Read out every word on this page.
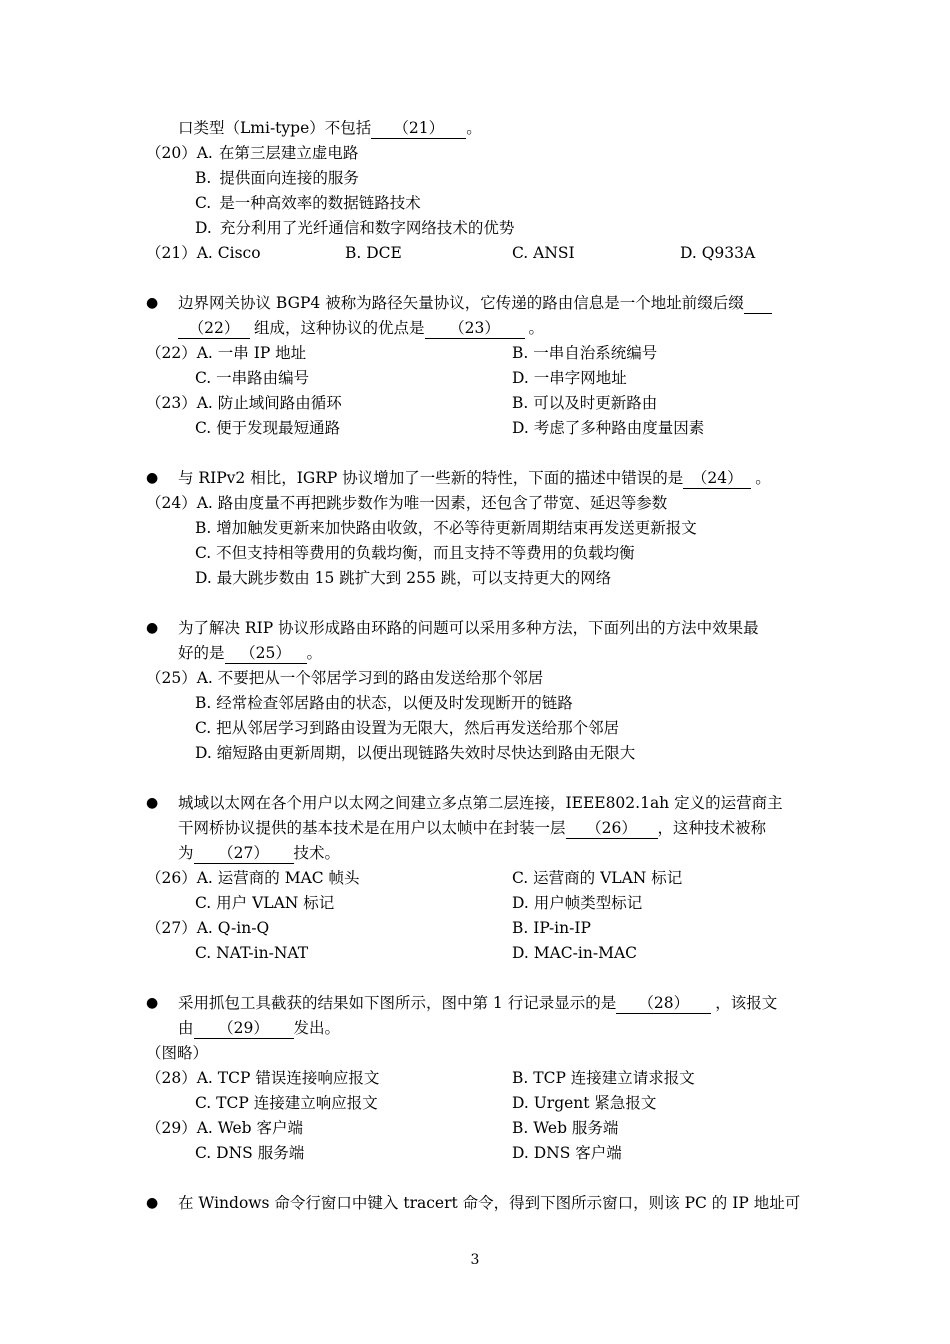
口类型（Lmi-type）不包括 （21） 。
（20）A. 在第三层建立虚电路
B. 提供面向连接的服务
C. 是一种高效率的数据链路技术
D. 充分利用了光纤通信和数字网络技术的优势
（21）A. Cisco	B. DCE	C. ANSI	D. Q933A
● 边界网关协议 BGP4 被称为路径矢量协议，它传递的路由信息是一个地址前缀后缀
（22） 组成，这种协议的优点是 （23） 。
（22）A. 一串 IP 地址	B. 一串自治系统编号
C. 一串路由编号	D. 一串字网地址
（23）A. 防止域间路由循环	B. 可以及时更新路由
C. 便于发现最短通路	D. 考虑了多种路由度量因素
● 与 RIPv2 相比，IGRP 协议增加了一些新的特性，下面的描述中错误的是 （24） 。
（24）A. 路由度量不再把跳步数作为唯一因素，还包含了带宽、延迟等参数
B. 增加触发更新来加快路由收敛，不必等待更新周期结束再发送更新报文
C. 不但支持相等费用的负载均衡，而且支持不等费用的负载均衡
D. 最大跳步数由 15 跳扩大到 255 跳，可以支持更大的网络
● 为了解决 RIP 协议形成路由环路的问题可以采用多种方法，下面列出的方法中效果最
好的是 （25） 。
（25）A. 不要把从一个邻居学习到的路由发送给那个邻居
B. 经常检查邻居路由的状态，以便及时发现断开的链路
C. 把从邻居学习到路由设置为无限大，然后再发送给那个邻居
D. 缩短路由更新周期，以便出现链路失效时尽快达到路由无限大
● 城域以太网在各个用户以太网之间建立多点第二层连接，IEEE802.1ah 定义的运营商主
干网桥协议提供的基本技术是在用户以太帧中在封装一层 （26） ，这种技术被称
为 （27） 技术。
（26）A. 运营商的 MAC 帧头	C. 运营商的 VLAN 标记
C. 用户 VLAN 标记	D. 用户帧类型标记
（27）A. Q-in-Q	B. IP-in-IP
C. NAT-in-NAT	D. MAC-in-MAC
● 采用抓包工具截获的结果如下图所示，图中第 1 行记录显示的是 （28） ，该报文
由 （29） 发出。
（图略）
（28）A. TCP 错误连接响应报文	B. TCP 连接建立请求报文
C. TCP 连接建立响应报文	D. Urgent 紧急报文
（29）A. Web 客户端	B. Web 服务端
C. DNS 服务端	D. DNS 客户端
● 在 Windows 命令行窗口中键入 tracert 命令，得到下图所示窗口，则该 PC 的 IP 地址可
3
